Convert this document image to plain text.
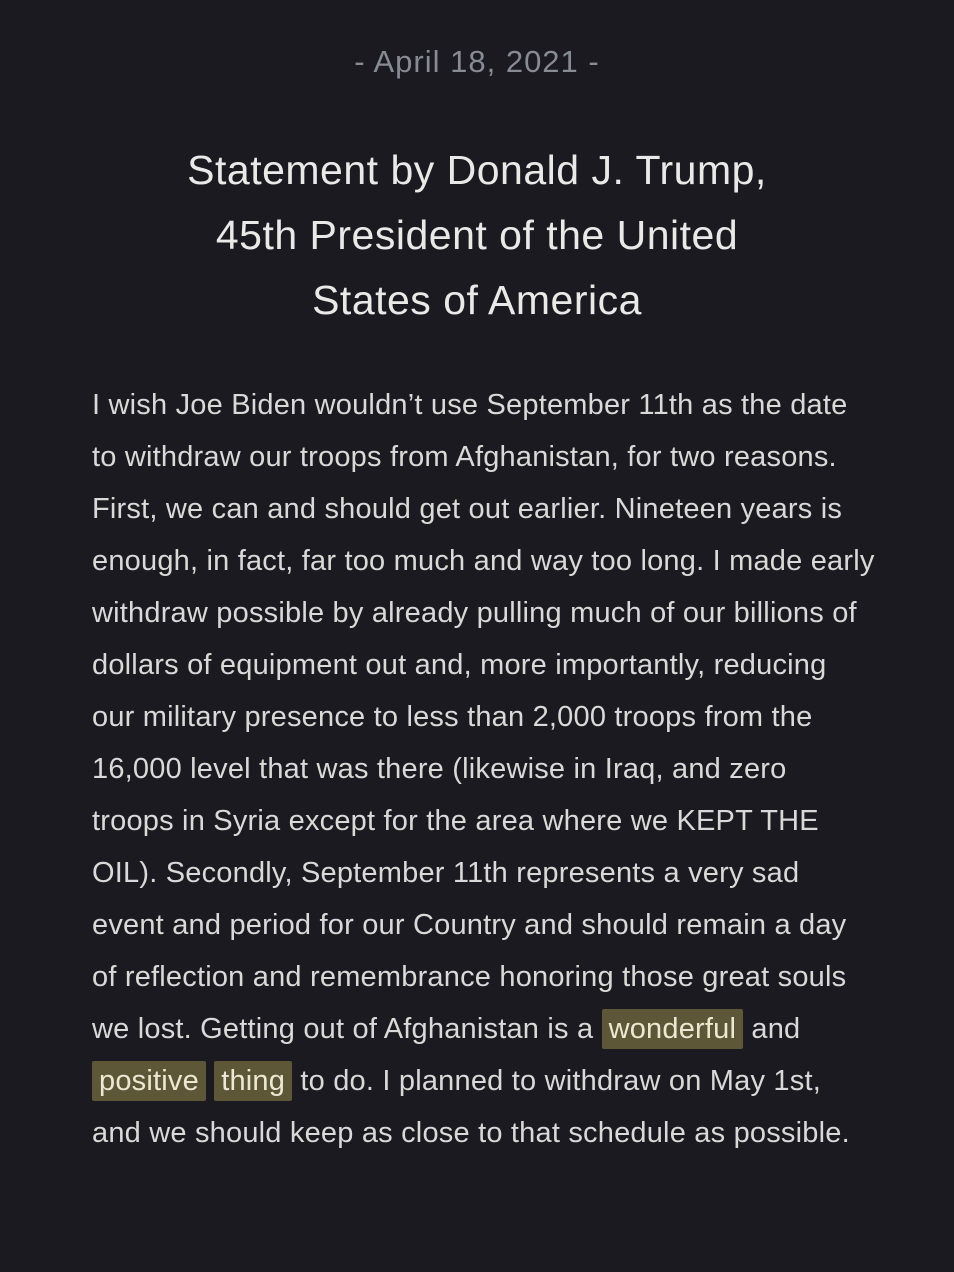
- April 18, 2021 -
Statement by Donald J. Trump,
45th President of the United
States of America

I wish Joe Biden wouldn’t use September 11th as the date to withdraw our troops from Afghanistan, for two reasons. First, we can and should get out earlier. Nineteen years is enough, in fact, far too much and way too long. I made early withdraw possible by already pulling much of our billions of dollars of equipment out and, more importantly, reducing our military presence to less than 2,000 troops from the 16,000 level that was there (likewise in Iraq, and zero troops in Syria except for the area where we KEPT THE OIL). Secondly, September 11th represents a very sad event and period for our Country and should remain a day of reflection and remembrance honoring those great souls we lost. Getting out of Afghanistan is a wonderful and positive thing to do. I planned to withdraw on May 1st, and we should keep as close to that schedule as possible.
